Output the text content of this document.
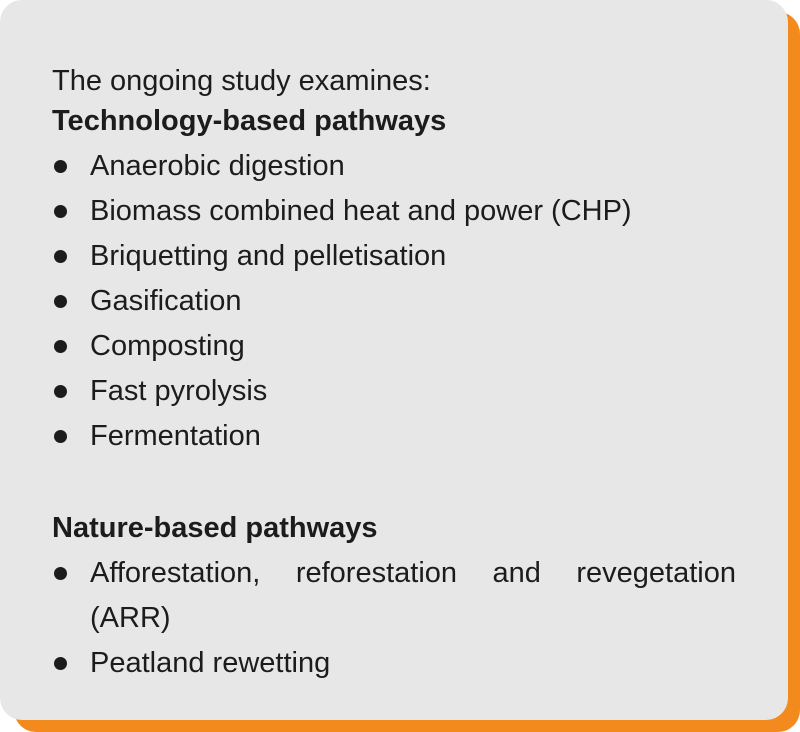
The ongoing study examines:

Technology-based pathways

Anaerobic digestion
Biomass combined heat and power (CHP)
Briquetting and pelletisation
Gasification
Composting
Fast pyrolysis
Fermentation

Nature-based pathways

Afforestation, reforestation and revegetation (ARR)
Peatland rewetting
